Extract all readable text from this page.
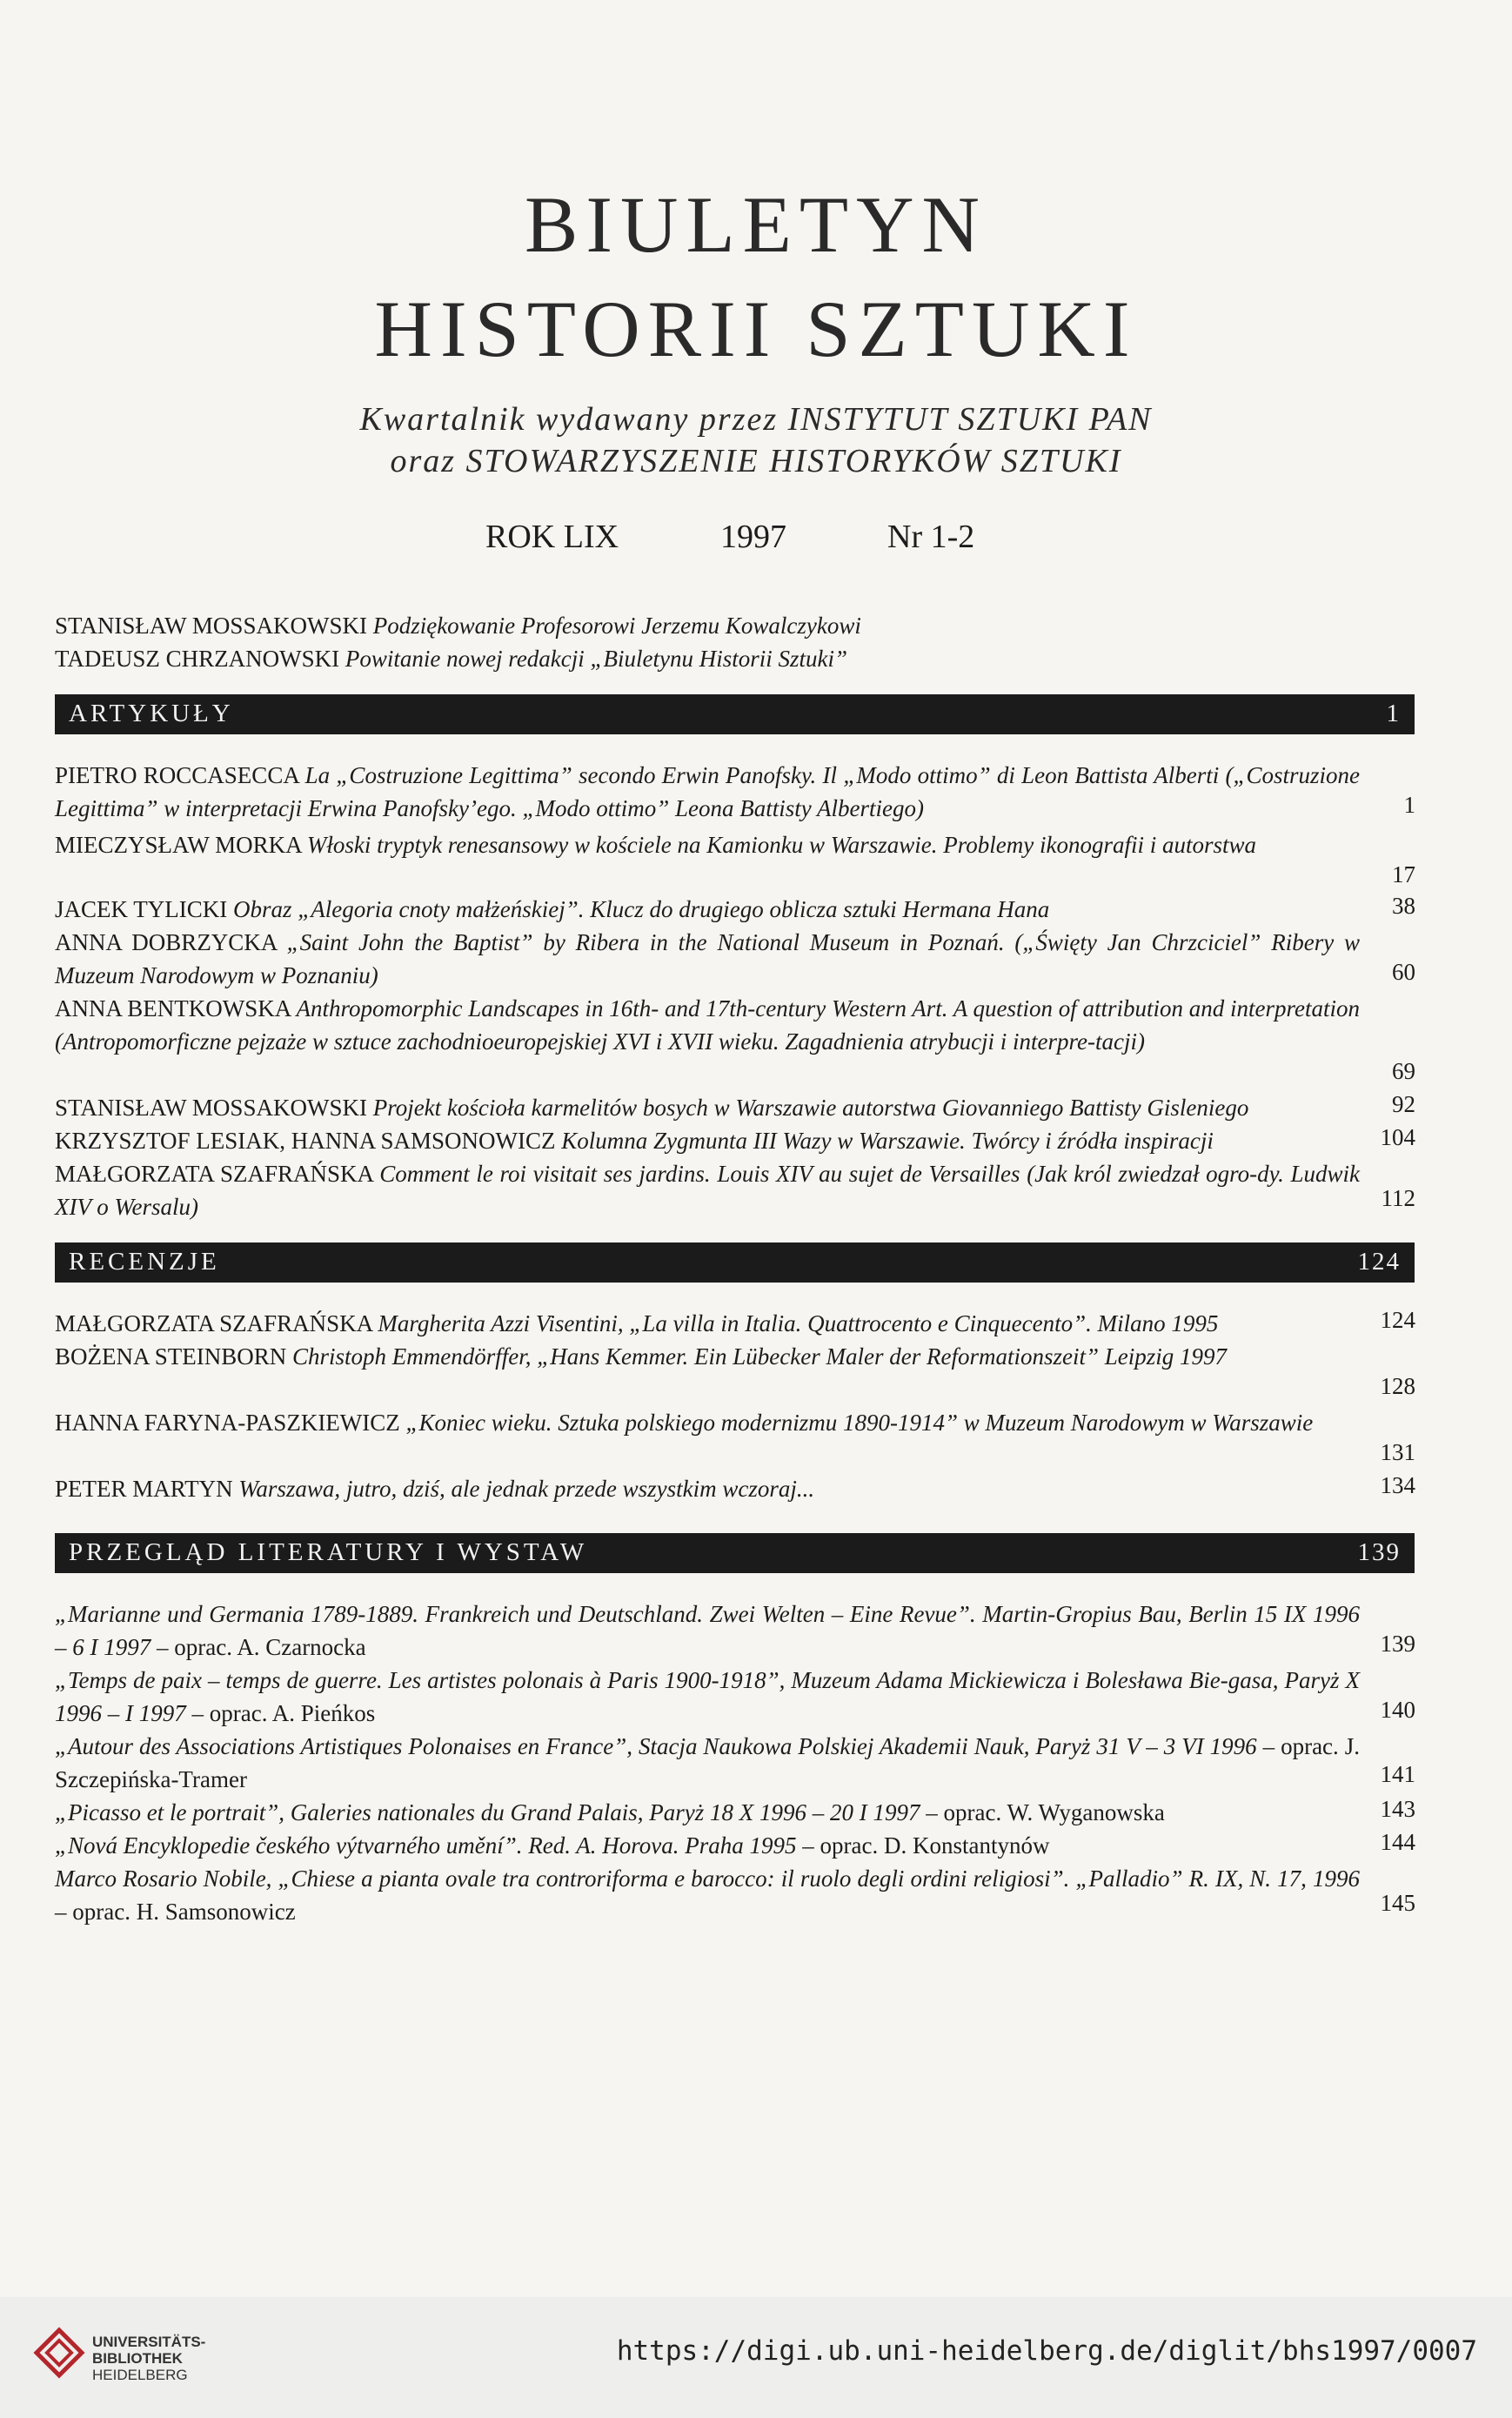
BIULETYN
HISTORII SZTUKI
Kwartalnik wydawany przez INSTYTUT SZTUKI PAN
oraz STOWARZYSZENIE HISTORYKÓW SZTUKI
ROK LIX	1997	Nr 1-2
STANISŁAW MOSSAKOWSKI Podziękowanie Profesorowi Jerzemu Kowalczykowi
TADEUSZ CHRZANOWSKI Powitanie nowej redakcji „Biuletynu Historii Sztuki”
ARTYKUŁY	1
PIETRO ROCCASECCA La „Costruzione Legittima” secondo Erwin Panofsky. Il „Modo ottimo” di Leon Battista Alberti („Costruzione Legittima” w interpretacji Erwina Panofsky’ego. „Modo ottimo” Leona Battisty Albertiego)	1
MIECZYSŁAW MORKA Włoski tryptyk renesansowy w kościele na Kamionku w Warszawie. Problemy ikonografii i autorstwa
17
JACEK TYLICKI Obraz „Alegoria cnoty małżeńskiej”. Klucz do drugiego oblicza sztuki Hermana Hana	38
ANNA DOBRZYCKA „Saint John the Baptist” by Ribera in the National Museum in Poznań. („Święty Jan Chrzciciel” Ribery w Muzeum Narodowym w Poznaniu)	60
ANNA BENTKOWSKA Anthropomorphic Landscapes in 16th- and 17th-century Western Art. A question of attribution and interpretation (Antropomorficzne pejzaże w sztuce zachodnioeuropejskiej XVI i XVII wieku. Zagadnienia atrybucji i interpre-tacji)
69
STANISŁAW MOSSAKOWSKI Projekt kościoła karmelitów bosych w Warszawie autorstwa Giovanniego Battisty Gisleniego	92
KRZYSZTOF LESIAK, HANNA SAMSONOWICZ Kolumna Zygmunta III Wazy w Warszawie. Twórcy i źródła inspiracji	104
MAŁGORZATA SZAFRAŃSKA Comment le roi visitait ses jardins. Louis XIV au sujet de Versailles (Jak król zwiedzał ogro-dy. Ludwik XIV o Wersalu)	112
RECENZJE	124
MAŁGORZATA SZAFRAŃSKA Margherita Azzi Visentini, „La villa in Italia. Quattrocento e Cinquecento”. Milano 1995	124
BOŻENA STEINBORN Christoph Emmendörffer, „Hans Kemmer. Ein Lübecker Maler der Reformationszeit” Leipzig 1997
128
HANNA FARYNA-PASZKIEWICZ „Koniec wieku. Sztuka polskiego modernizmu 1890-1914” w Muzeum Narodowym w Warszawie
131
PETER MARTYN Warszawa, jutro, dziś, ale jednak przede wszystkim wczoraj...	134
PRZEGLĄD LITERATURY I WYSTAW	139
„Marianne und Germania 1789-1889. Frankreich und Deutschland. Zwei Welten – Eine Revue”. Martin-Gropius Bau, Berlin 15 IX 1996 – 6 I 1997 – oprac. A. Czarnocka	139
„Temps de paix – temps de guerre. Les artistes polonais à Paris 1900-1918”, Muzeum Adama Mickiewicza i Bolesława Bie-gasa, Paryż X 1996 – I 1997 – oprac. A. Pieńkos	140
„Autour des Associations Artistiques Polonaises en France”, Stacja Naukowa Polskiej Akademii Nauk, Paryż 31 V – 3 VI 1996 – oprac. J. Szczepińska-Tramer	141
„Picasso et le portrait”, Galeries nationales du Grand Palais, Paryż 18 X 1996 – 20 I 1997 – oprac. W. Wyganowska	143
„Nová Encyklopedie českého výtvarného umění”. Red. A. Horova. Praha 1995 – oprac. D. Konstantynów	144
Marco Rosario Nobile, „Chiese a pianta ovale tra controriforma e barocco: il ruolo degli ordini religiosi”. „Palladio” R. IX, N. 17, 1996 – oprac. H. Samsonowicz	145
UNIVERSITÄTS-
BIBLIOTHEK
HEIDELBERG
https://digi.ub.uni-heidelberg.de/diglit/bhs1997/0007
